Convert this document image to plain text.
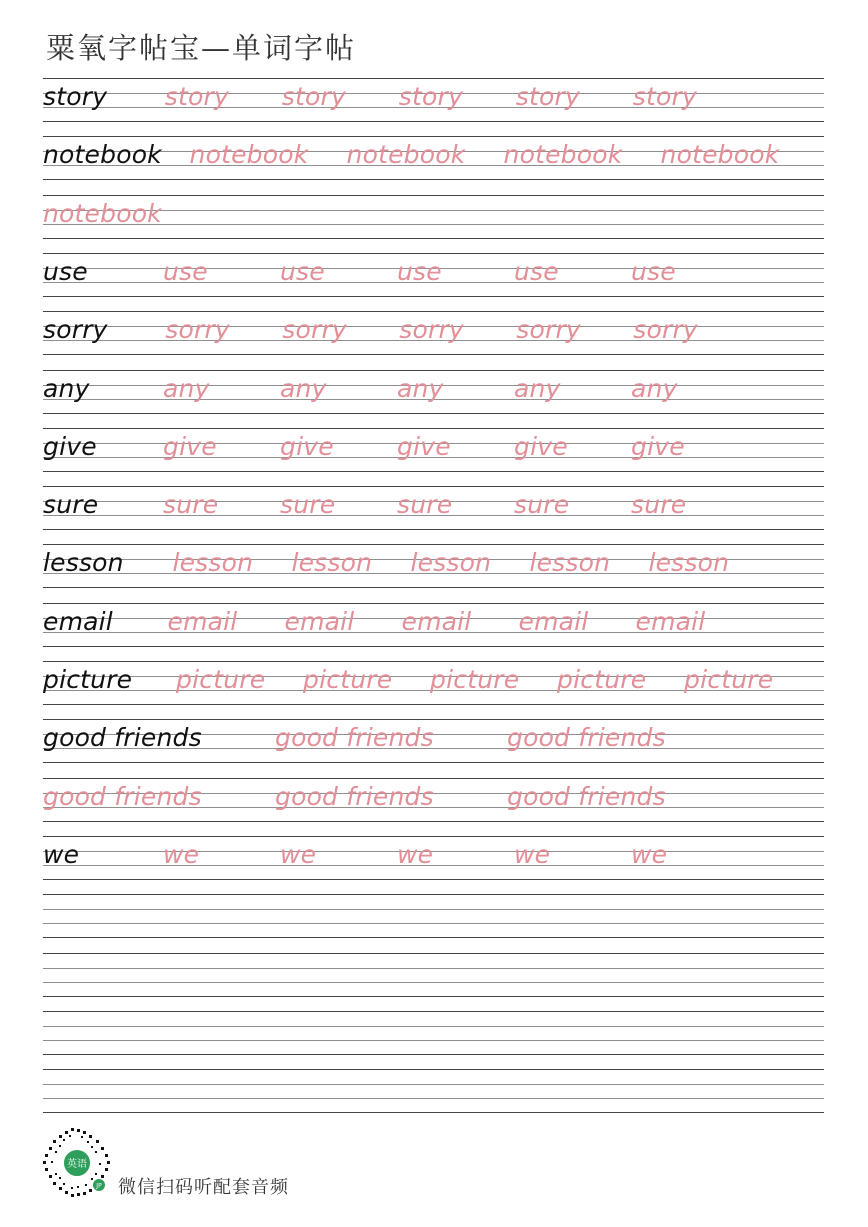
粟氧字帖宝—单词字帖
story story story story story story
notebook notebook notebook notebook notebook
notebook
use	use	use	use	use	use
sorry sorry sorry sorry sorry sorry
any	any	any	any	any	any
give	give	give	give	give	give
sure	sure sure sure sure sure
lesson lesson lesson lesson lesson lesson
email email email email email email
picture picture picture picture picture picture
good friends	good friends	good friends
good friends	good friends	good friends
we	we	we	we	we	we
英语
JP 微信扫码听配套音频
